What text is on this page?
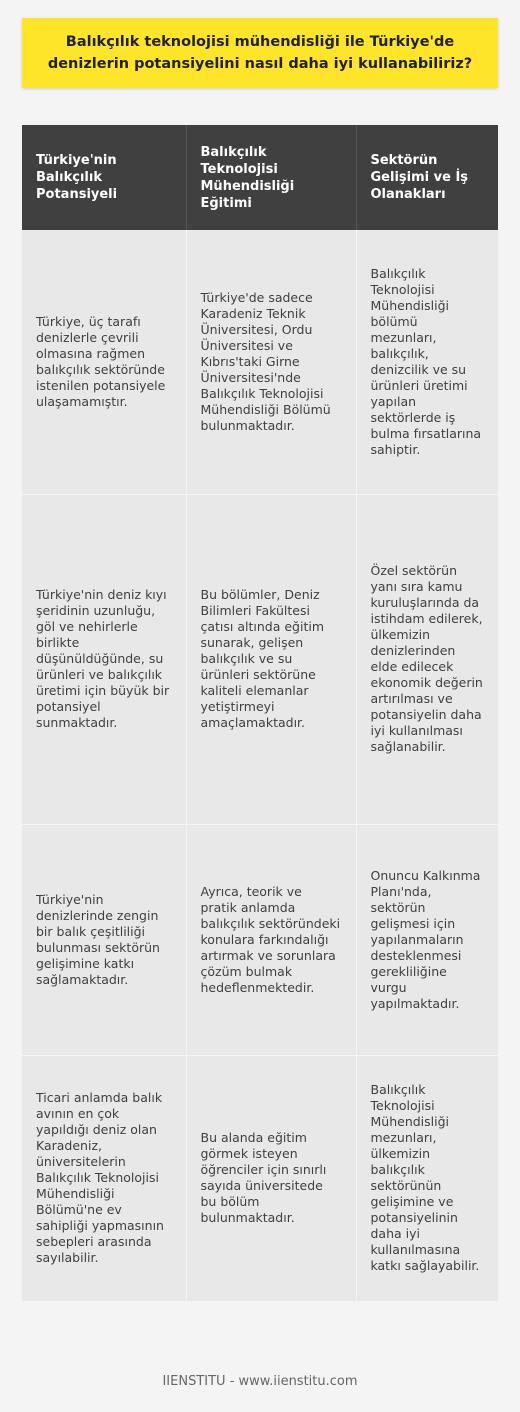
Balıkçılık teknolojisi mühendisliği ile Türkiye'de denizlerin potansiyelini nasıl daha iyi kullanabiliriz?
Türkiye'nin Balıkçılık Potansiyeli	Balıkçılık Teknolojisi Mühendisliği Eğitimi	Sektörün Gelişimi ve İş Olanakları
Türkiye, üç tarafı denizlerle çevrili olmasına rağmen balıkçılık sektöründe istenilen potansiyele ulaşamamıştır.	Türkiye'de sadece Karadeniz Teknik Üniversitesi, Ordu Üniversitesi ve Kıbrıs'taki Girne Üniversitesi'nde Balıkçılık Teknolojisi Mühendisliği Bölümü bulunmaktadır.	Balıkçılık Teknolojisi Mühendisliği bölümü mezunları, balıkçılık, denizcilik ve su ürünleri üretimi yapılan sektörlerde iş bulma fırsatlarına sahiptir.
Türkiye'nin deniz kıyı şeridinin uzunluğu, göl ve nehirlerle birlikte düşünüldüğünde, su ürünleri ve balıkçılık üretimi için büyük bir potansiyel sunmaktadır.	Bu bölümler, Deniz Bilimleri Fakültesi çatısı altında eğitim sunarak, gelişen balıkçılık ve su ürünleri sektörüne kaliteli elemanlar yetiştirmeyi amaçlamaktadır.	Özel sektörün yanı sıra kamu kuruluşlarında da istihdam edilerek, ülkemizin denizlerinden elde edilecek ekonomik değerin artırılması ve potansiyelin daha iyi kullanılması sağlanabilir.
Türkiye'nin denizlerinde zengin bir balık çeşitliliği bulunması sektörün gelişimine katkı sağlamaktadır.	Ayrıca, teorik ve pratik anlamda balıkçılık sektöründeki konulara farkındalığı artırmak ve sorunlara çözüm bulmak hedeflenmektedir.	Onuncu Kalkınma Planı'nda, sektörün gelişmesi için yapılanmaların desteklenmesi gerekliliğine vurgu yapılmaktadır.
Ticari anlamda balık avının en çok yapıldığı deniz olan Karadeniz, üniversitelerin Balıkçılık Teknolojisi Mühendisliği Bölümü'ne ev sahipliği yapmasının sebepleri arasında sayılabilir.	Bu alanda eğitim görmek isteyen öğrenciler için sınırlı sayıda üniversitede bu bölüm bulunmaktadır.	Balıkçılık Teknolojisi Mühendisliği mezunları, ülkemizin balıkçılık sektörünün gelişimine ve potansiyelinin daha iyi kullanılmasına katkı sağlayabilir.
IIENSTITU - www.iienstitu.com
